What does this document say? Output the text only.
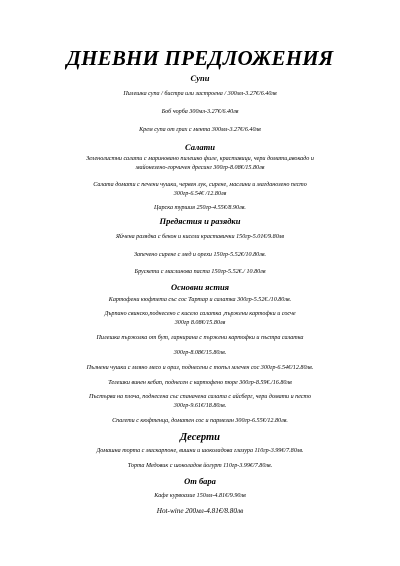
ДНЕВНИ ПРЕДЛОЖЕНИЯ
Супи
Пилешка супа / бистра или застроена / 300мл-3.27€/6.40лв
Боб чорба 300мл-3.27€/6.40лв
Крем супа от грах с мента 300мл-3.27€/6.40лв
Салати
Зеленолистни салати с мариновано пилешко филе, краставици, чери домати,авокадо и
майонезено-горчичен дресинг 300гр-8.08€/15.80лв
Салата домати с печени чушки, червен лук, сирене, маслини и магданозено песто
300гр-6.54€ /12.80лв
Царска туршия 250гр-4.55€/8.90лв.
Предястия и разядки
Яйчена разядка с бекон и кисели краставички 150гр-5.01€/9.80лв
Запечено сирене с мед и орехи 150гр-5.52€/10.80лв.
Брускети с маслинова паста 150гр-5.52€./ 10.80лв
Основни ястия
Картофени кюфтета със сос Тартар и салатка 300гр-5.52€./10.80лв.
Дърпано свинско,поднесено с кисело салатка ,пържени картофки и сосче
300гр 8.08€/15.80лв
Пилешка пържолка от бут, гарнирана с пържени картофки и пъстра салатка
300гр-8.08€/15.80лв.
Пълнени чушки с мляно месо и ориз, поднесени с топъл млечен сос 300гр-6.54€/12.80лв.
Телешки винен кебап, поднесен с картофено пюре 300гр-8.59€./16.80лв
Пъстърва на плоча, поднесена със спаначена салата с айсберг, чери домати и песто
300гр-9.61€/18.80лв.
Спагети с кюфтенца, доматен сос и пармезан 300гр-6.55€/12.80лв.
Десерти
Домашна торта с маскарпоне, вишни и шоколадова глазура 110гр-3.99€/7.80лв.
Торта Медовик с шоколадов йогурт 110гр-3.99€/7.80лв.
От бара
Кафе курвоазие 150мл-4.81€/9.90лв
Hot-wine 200мл-4.81€/8.80лв
